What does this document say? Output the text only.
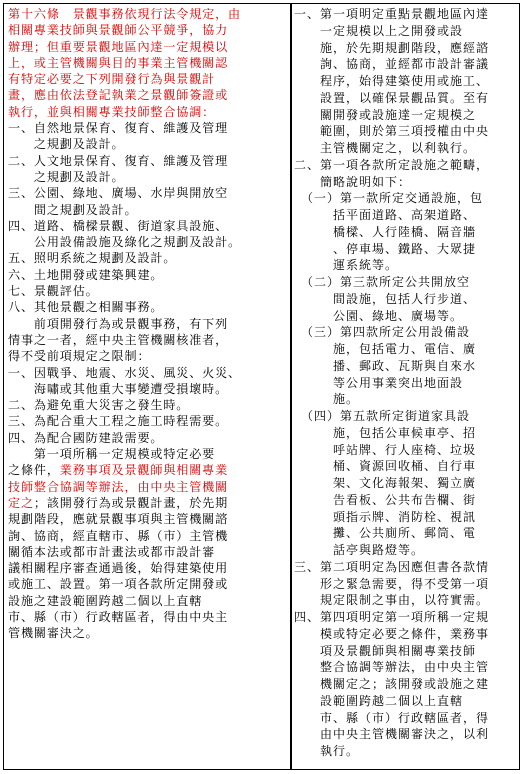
第十六條　景觀事務依現行法令規定，由
相關專業技師與景觀師公平競爭，協力
辦理；但重要景觀地區內達一定規模以
上，或主管機關與目的事業主管機關認
有特定必要之下列開發行為與景觀計
畫，應由依法登記執業之景觀師簽證或
執行，並與相關專業技師整合協調：
一、自然地景保育、復育、維護及管理
　　之規劃及設計。
二、人文地景保育、復育、維護及管理
　　之規劃及設計。
三、公園、綠地、廣場、水岸與開放空
　　間之規劃及設計。
四、道路、橋樑景觀、街道家具設施、
　　公用設備設施及綠化之規劃及設計。
五、照明系統之規劃及設計。
六、土地開發或建築興建。
七、景觀評估。
八、其他景觀之相關事務。
　　前項開發行為或景觀事務，有下列
情事之一者，經中央主管機關核准者，
得不受前項規定之限制：
一、因戰爭、地震、水災、風災、火災、
　　海嘯或其他重大事變遭受損壞時。
二、為避免重大災害之發生時。
三、為配合重大工程之施工時程需要。
四、為配合國防建設需要。
　　第一項所稱一定規模或特定必要
之條件，業務事項及景觀師與相關專業
技師整合協調等辦法，由中央主管機關
定之；該開發行為或景觀計畫，於先期
規劃階段，應就景觀事項與主管機關諮
詢、協商，經直轄市、縣（市）主管機
關循本法或都市計畫法或都市設計審
議相關程序審查通過後，始得建築使用
或施工、設置。第一項各款所定開發或
設施之建設範圍跨越二個以上直轄
市、縣（市）行政轄區者，得由中央主
管機關審決之。
一、第一項明定重點景觀地區內達
　　一定規模以上之開發或設
　　施，於先期規劃階段，應經諮
　　詢、協商，並經都市設計審議
　　程序，始得建築使用或施工、
　　設置，以確保景觀品質。至有
　　關開發或設施達一定規模之
　　範圍，則於第三項授權由中央
　　主管機關定之，以利執行。
二、第一項各款所定設施之範疇，
　　簡略說明如下：
　（一）第一款所定交通設施，包
　　　括平面道路、高架道路、
　　　橋樑、人行陸橋、隔音牆
　　　、停車場、鐵路、大眾捷
　　　運系統等。
　（二）第三款所定公共開放空
　　　間設施，包括人行步道、
　　　公園、綠地、廣場等。
　（三）第四款所定公用設備設
　　　施，包括電力、電信、廣
　　　播、郵政、瓦斯與自來水
　　　等公用事業突出地面設
　　　施。
　（四）第五款所定街道家具設
　　　施，包括公車候車亭、招
　　　呼站牌、行人座椅、垃圾
　　　桶、資源回收桶、自行車
　　　架、文化海報架、獨立廣
　　　告看板、公共布告欄、街
　　　頭指示牌、消防栓、視訊
　　　攤、公共廁所、郵筒、電
　　　話亭與路燈等。
三、第二項明定為因應但書各款情
　　形之緊急需要，得不受第一項
　　規定限制之事由，以符實需。
四、第四項明定第一項所稱一定規
　　模或特定必要之條件，業務事
　　項及景觀師與相關專業技師
　　整合協調等辦法，由中央主管
　　機關定之；該開發或設施之建
　　設範圍跨越二個以上直轄
　　市、縣（市）行政轄區者，得
　　由中央主管機關審決之，以利
　　執行。
